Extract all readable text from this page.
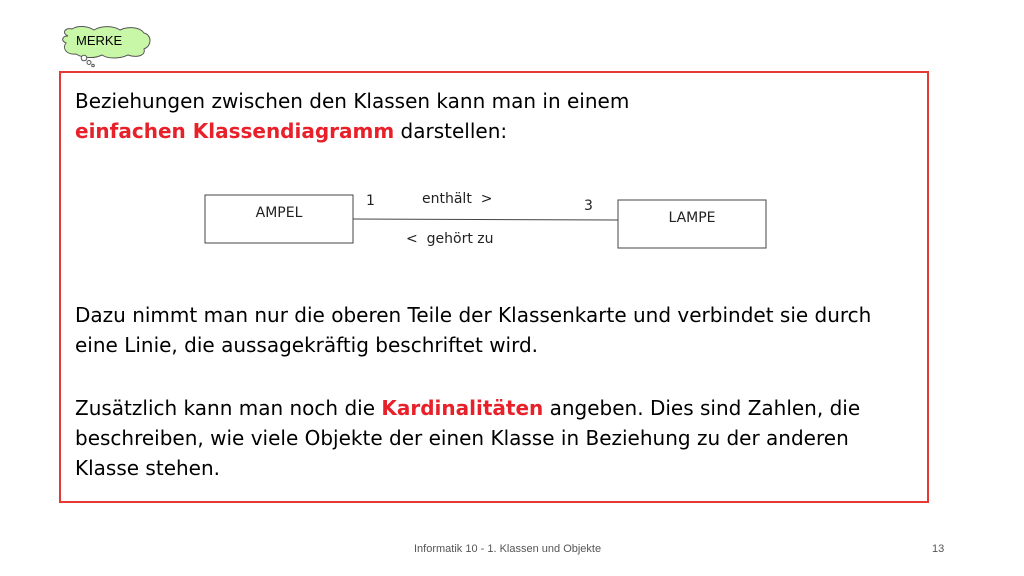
MERKE
Beziehungen zwischen den Klassen kann man in einem
einfachen Klassendiagramm darstellen:
AMPEL	LAMPE
1	3
enthält  >
<  gehört zu
Dazu nimmt man nur die oberen Teile der Klassenkarte und verbindet sie durch
eine Linie, die aussagekräftig beschriftet wird.
Zusätzlich kann man noch die Kardinalitäten angeben. Dies sind Zahlen, die
beschreiben, wie viele Objekte der einen Klasse in Beziehung zu der anderen
Klasse stehen.
Informatik 10 - 1. Klassen und Objekte	13
